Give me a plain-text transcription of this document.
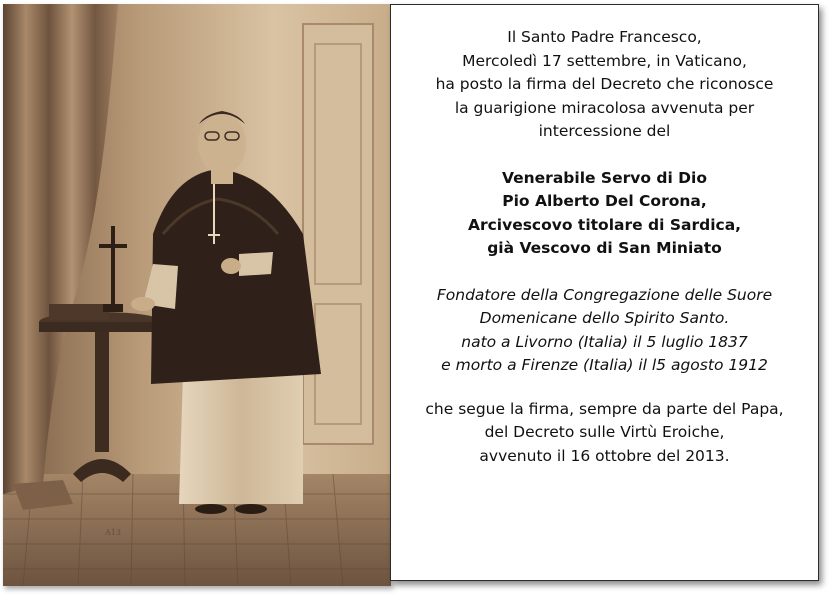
A13

Il Santo Padre Francesco,
Mercoledì 17 settembre, in Vaticano,
ha posto la firma del Decreto che riconosce
la guarigione miracolosa avvenuta per
intercessione del

Venerabile Servo di Dio
Pio Alberto Del Corona,
Arcivescovo titolare di Sardica,
già Vescovo di San Miniato

Fondatore della Congregazione delle Suore
Domenicane dello Spirito Santo.
nato a Livorno (Italia) il 5 luglio 1837
e morto a Firenze (Italia) il l5 agosto 1912

che segue la firma, sempre da parte del Papa,
del Decreto sulle Virtù Eroiche,
avvenuto il 16 ottobre del 2013.
